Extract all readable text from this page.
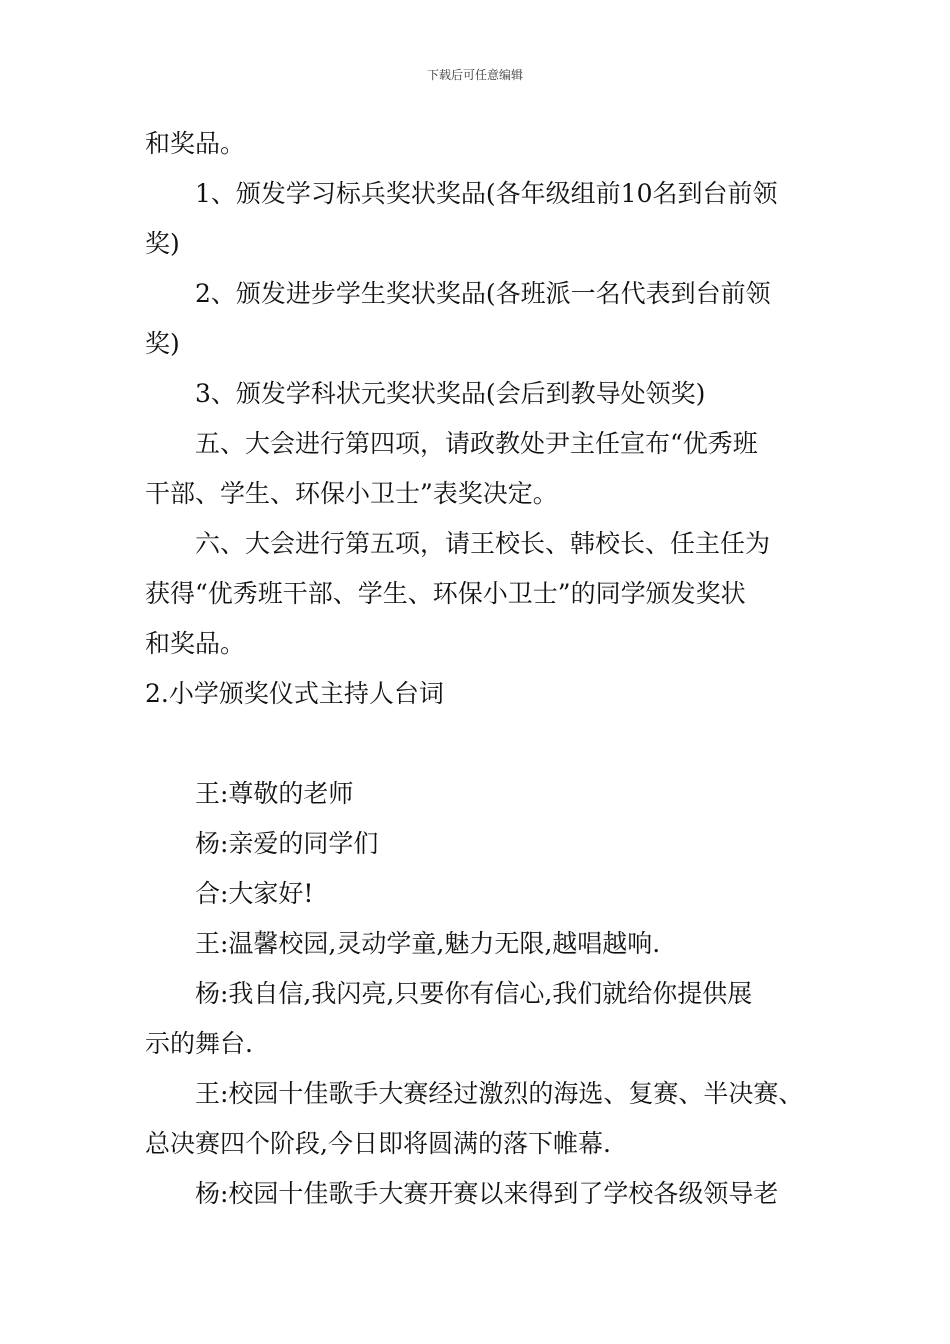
下载后可任意编辑
和奖品。
1、颁发学习标兵奖状奖品(各年级组前10名到台前领
奖)
2、颁发进步学生奖状奖品(各班派一名代表到台前领
奖)
3、颁发学科状元奖状奖品(会后到教导处领奖)
五、大会进行第四项，请政教处尹主任宣布“优秀班
干部、学生、环保小卫士”表奖决定。
六、大会进行第五项，请王校长、韩校长、任主任为
获得“优秀班干部、学生、环保小卫士”的同学颁发奖状
和奖品。
2.小学颁奖仪式主持人台词
王:尊敬的老师
杨:亲爱的同学们
合:大家好!
王:温馨校园,灵动学童,魅力无限,越唱越响.
杨:我自信,我闪亮,只要你有信心,我们就给你提供展
示的舞台.
王:校园十佳歌手大赛经过激烈的海选、复赛、半决赛、
总决赛四个阶段,今日即将圆满的落下帷幕.
杨:校园十佳歌手大赛开赛以来得到了学校各级领导老
